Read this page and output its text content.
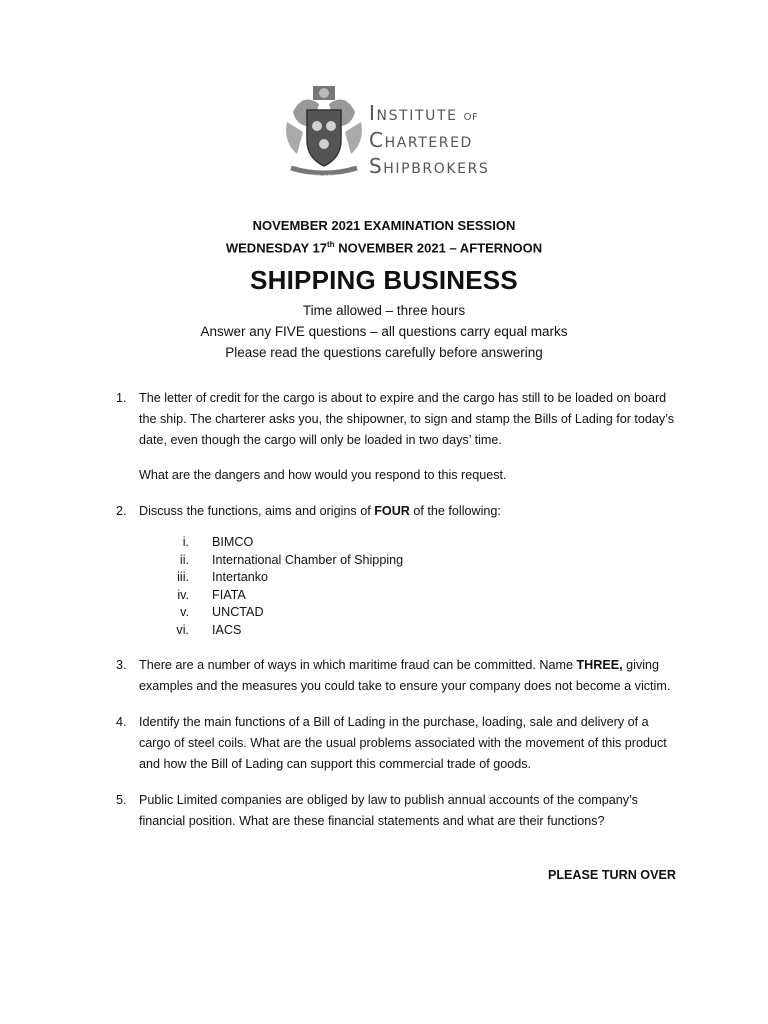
CONCORDIA · NAVIGANTIBUS
INSTITUTE OF
CHARTERED
SHIPBROKERS
NOVEMBER 2021 EXAMINATION SESSION
WEDNESDAY 17th NOVEMBER 2021 – AFTERNOON
SHIPPING BUSINESS
Time allowed – three hours
Answer any FIVE questions – all questions carry equal marks
Please read the questions carefully before answering
1. The letter of credit for the cargo is about to expire and the cargo has still to be loaded on board the ship. The charterer asks you, the shipowner, to sign and stamp the Bills of Lading for today’s date, even though the cargo will only be loaded in two days’ time.

What are the dangers and how would you respond to this request.

2. Discuss the functions, aims and origins of FOUR of the following:

i. BIMCO
ii. International Chamber of Shipping
iii. Intertanko
iv. FIATA
v. UNCTAD
vi. IACS
3. There are a number of ways in which maritime fraud can be committed. Name THREE, giving examples and the measures you could take to ensure your company does not become a victim.

4. Identify the main functions of a Bill of Lading in the purchase, loading, sale and delivery of a cargo of steel coils. What are the usual problems associated with the movement of this product and how the Bill of Lading can support this commercial trade of goods.

5. Public Limited companies are obliged by law to publish annual accounts of the company’s financial position. What are these financial statements and what are their functions?

PLEASE TURN OVER
